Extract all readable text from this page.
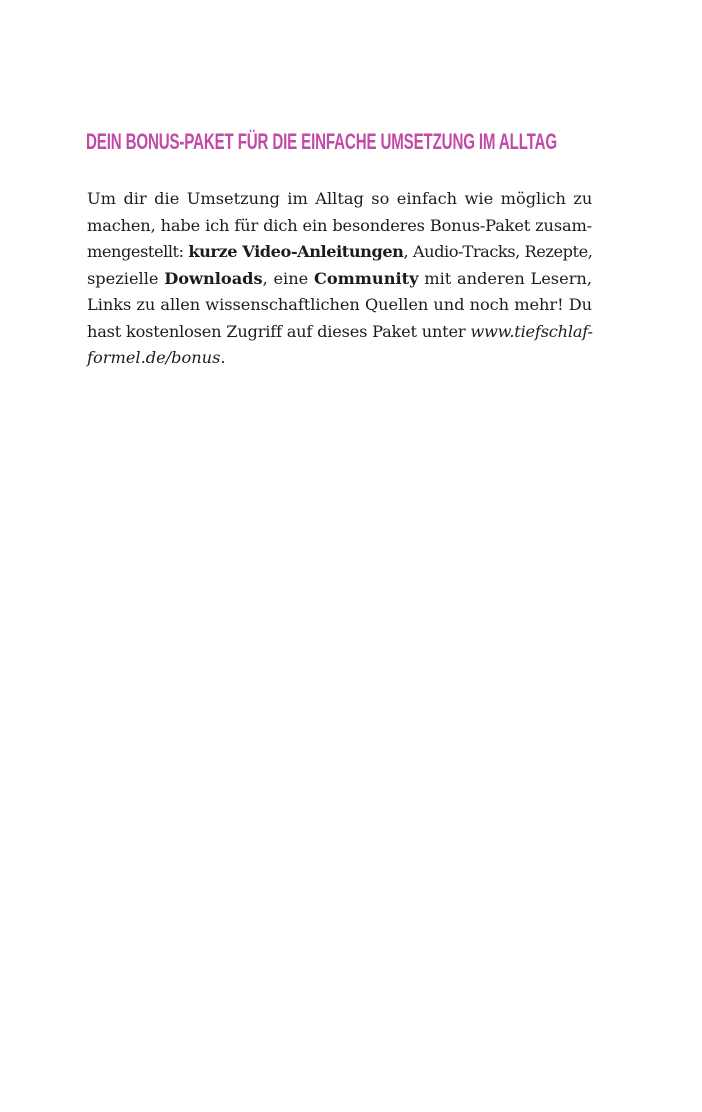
DEIN BONUS-PAKET FÜR DIE EINFACHE UMSETZUNG IM ALLTAG

Um dir die Umsetzung im Alltag so einfach wie möglich zu
machen, habe ich für dich ein besonderes Bonus-Paket zusam-
mengestellt: kurze Video-Anleitungen, Audio-Tracks, Rezepte,
spezielle Downloads, eine Community mit anderen Lesern,
Links zu allen wissenschaftlichen Quellen und noch mehr! Du
hast kostenlosen Zugriff auf dieses Paket unter www.tiefschlaf-
formel.de/bonus.
